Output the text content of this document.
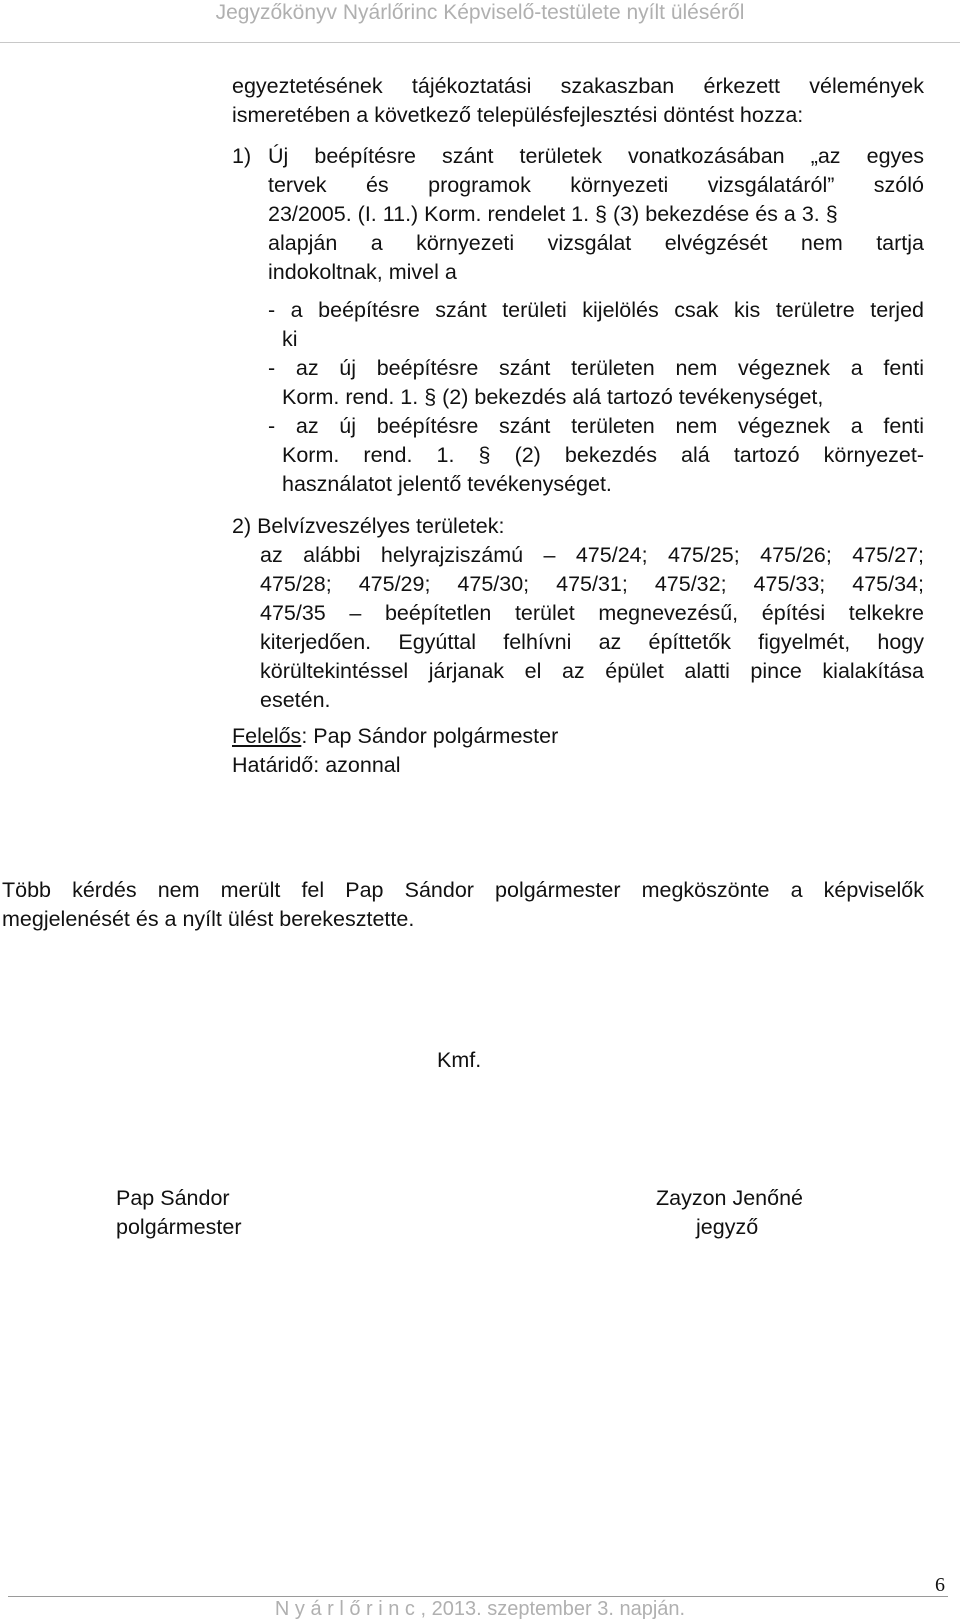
Jegyzőkönyv Nyárlőrinc Képviselő-testülete nyílt üléséről

egyeztetésének tájékoztatási szakaszban érkezett vélemények

ismeretében a következő településfejlesztési döntést hozza:

1) Új beépítésre szánt területek vonatkozásában „az egyes

tervek és programok környezeti vizsgálatáról” szóló

23/2005. (I. 11.) Korm. rendelet 1. § (3) bekezdése és a 3. §

alapján a környezeti vizsgálat elvégzését nem tartja

indokoltnak, mivel a

- a beépítésre szánt területi kijelölés csak kis területre terjed

ki

- az új beépítésre szánt területen nem végeznek a fenti

Korm. rend. 1. § (2) bekezdés alá tartozó tevékenységet,

- az új beépítésre szánt területen nem végeznek a fenti

Korm. rend. 1. § (2) bekezdés alá tartozó környezet-

használatot jelentő tevékenységet.

2) Belvízveszélyes területek:

az alábbi helyrajziszámú – 475/24; 475/25; 475/26; 475/27;

475/28; 475/29; 475/30; 475/31; 475/32; 475/33; 475/34;

475/35 – beépítetlen terület megnevezésű, építési telkekre

kiterjedően. Egyúttal felhívni az építtetők figyelmét, hogy

körültekintéssel járjanak el az épület alatti pince kialakítása

esetén.

Felelős: Pap Sándor polgármester

Határidő: azonnal

Több kérdés nem merült fel Pap Sándor polgármester megköszönte a képviselők

megjelenését és a nyílt ülést berekesztette.

Kmf.

Pap Sándor

polgármester

Zayzon Jenőné

jegyző

6
N y á r l ő r i n c , 2013. szeptember 3. napján.
